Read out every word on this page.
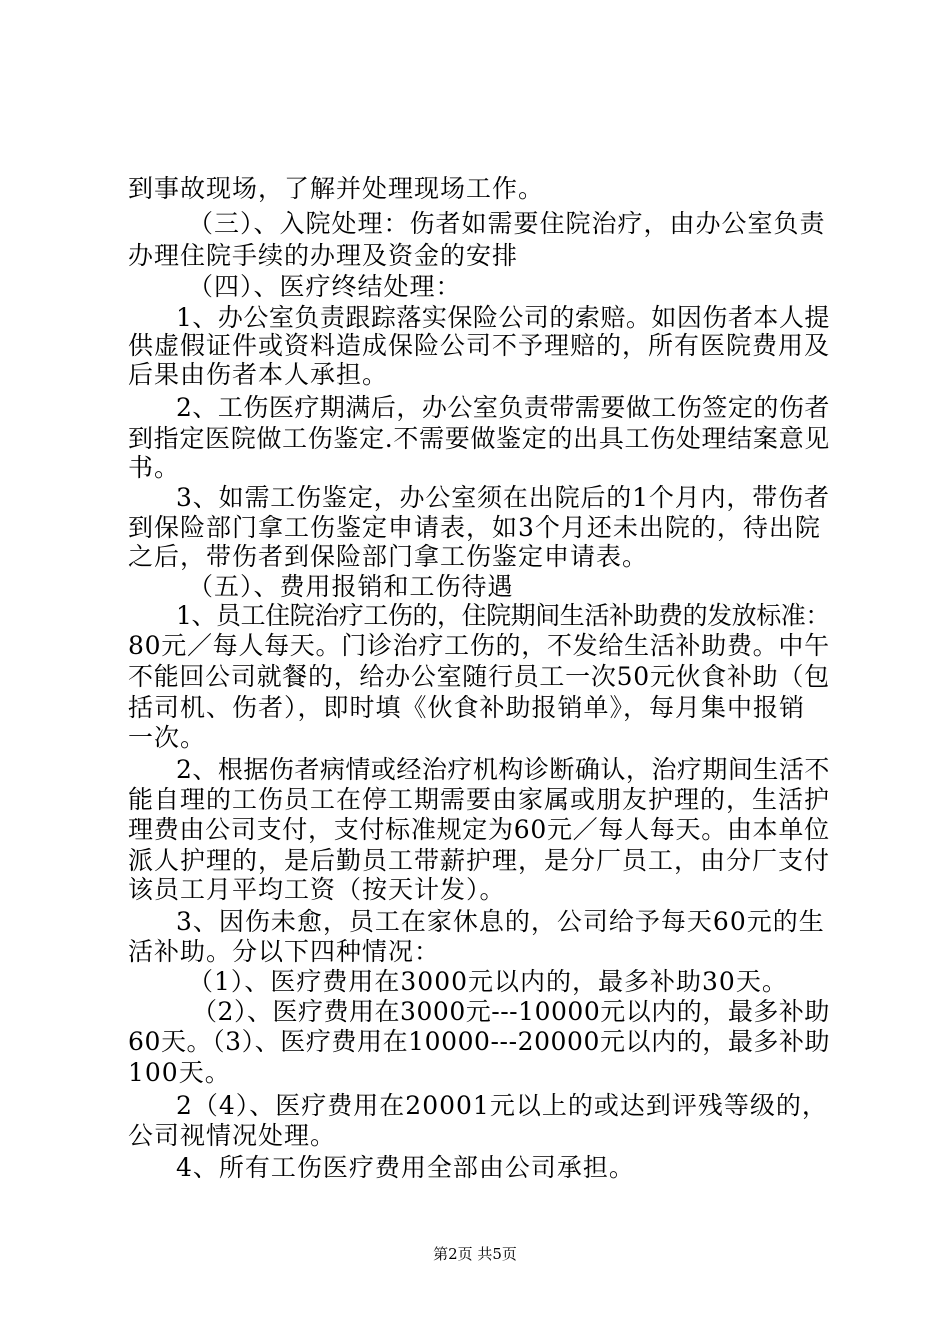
到事故现场，了解并处理现场工作。
（三）、入院处理：伤者如需要住院治疗，由办公室负责
办理住院手续的办理及资金的安排
（四）、医疗终结处理：
1、办公室负责跟踪落实保险公司的索赔。如因伤者本人提
供虚假证件或资料造成保险公司不予理赔的，所有医院费用及
后果由伤者本人承担。
2、工伤医疗期满后，办公室负责带需要做工伤签定的伤者
到指定医院做工伤鉴定.不需要做鉴定的出具工伤处理结案意见
书。
3、如需工伤鉴定，办公室须在出院后的1个月内，带伤者
到保险部门拿工伤鉴定申请表，如3个月还未出院的，待出院
之后，带伤者到保险部门拿工伤鉴定申请表。
（五）、费用报销和工伤待遇
1、员工住院治疗工伤的，住院期间生活补助费的发放标准：
80元／每人每天。门诊治疗工伤的，不发给生活补助费。中午
不能回公司就餐的，给办公室随行员工一次50元伙食补助（包
括司机、伤者），即时填《伙食补助报销单》，每月集中报销
一次。
2、根据伤者病情或经治疗机构诊断确认，治疗期间生活不
能自理的工伤员工在停工期需要由家属或朋友护理的，生活护
理费由公司支付，支付标准规定为60元／每人每天。由本单位
派人护理的，是后勤员工带薪护理，是分厂员工，由分厂支付
该员工月平均工资（按天计发）。
3、因伤未愈，员工在家休息的，公司给予每天60元的生
活补助。分以下四种情况：
（1）、医疗费用在3000元以内的，最多补助30天。
（2）、医疗费用在3000元---10000元以内的，最多补助
60天。（3）、医疗费用在10000---20000元以内的，最多补助
100天。
2（4）、医疗费用在20001元以上的或达到评残等级的，
公司视情况处理。
4、所有工伤医疗费用全部由公司承担。
第2页 共5页
